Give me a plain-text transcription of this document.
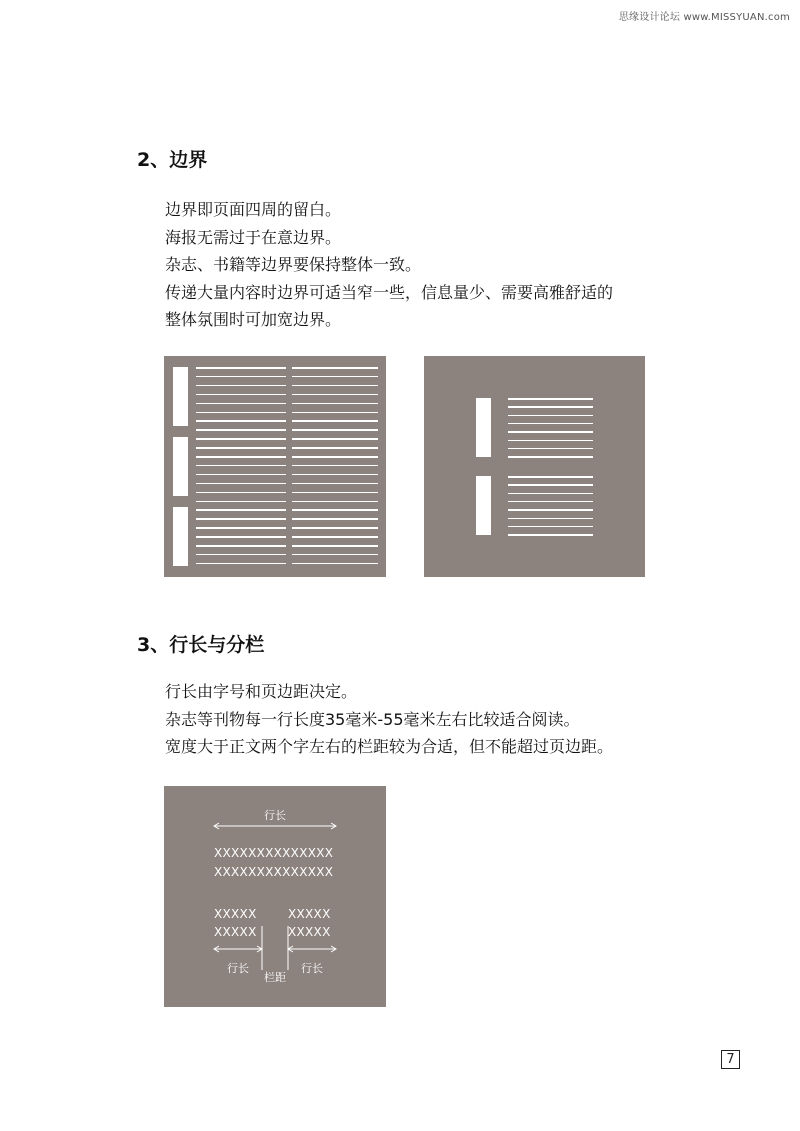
思缘设计论坛 www.MISSYUAN.com
2、边界

边界即页面四周的留白。

海报无需过于在意边界。

杂志、书籍等边界要保持整体一致。

传递大量内容时边界可适当窄一些，信息量少、需要高雅舒适的

整体氛围时可加宽边界。

3、行长与分栏

行长由字号和页边距决定。

杂志等刊物每一行长度35毫米-55毫米左右比较适合阅读。

宽度大于正文两个字左右的栏距较为合适，但不能超过页边距。

行长
XXXXXXXXXXXXXX
XXXXXXXXXXXXXX
XXXXX	XXXXX
XXXXX	XXXXX
行长	行长
栏距
7
